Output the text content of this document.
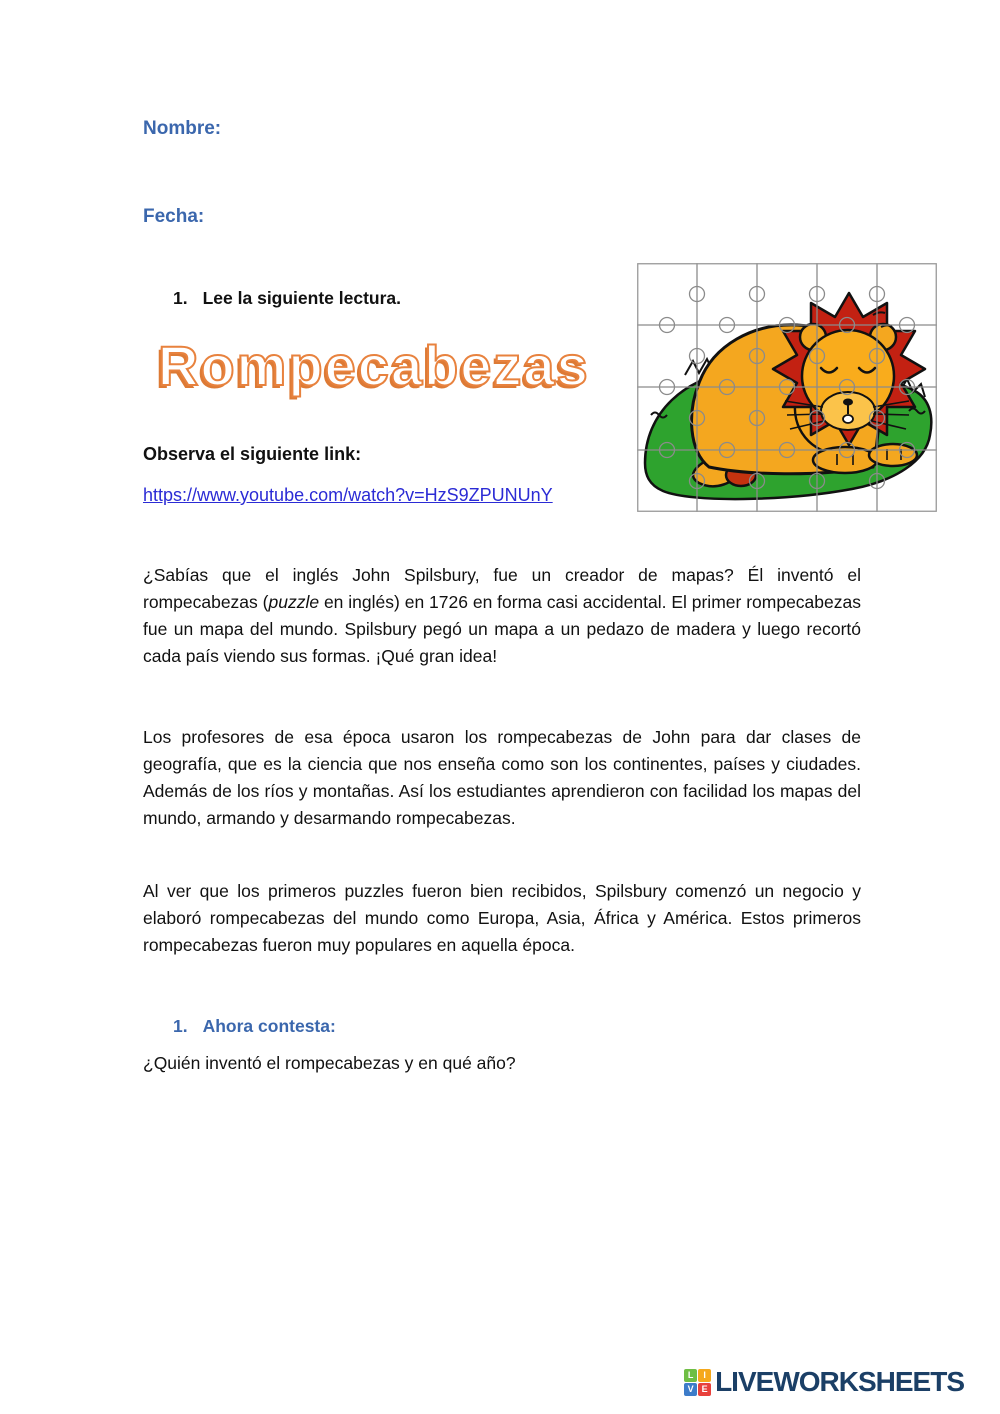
Nombre:
Fecha:
1. Lee la siguiente lectura.
Rompecabezas
Observa el siguiente link:
https://www.youtube.com/watch?v=HzS9ZPUNUnY

¿Sabías que el inglés John Spilsbury, fue un creador de mapas? Él inventó el rompecabezas (puzzle en inglés) en 1726 en forma casi accidental. El primer rompecabezas fue un mapa del mundo. Spilsbury pegó un mapa a un pedazo de madera y luego recortó cada país viendo sus formas. ¡Qué gran idea!

Los profesores de esa época usaron los rompecabezas de John para dar clases de geografía, que es la ciencia que nos enseña como son los continentes, países y ciudades. Además de los ríos y montañas. Así los estudiantes aprendieron con facilidad los mapas del mundo, armando y desarmando rompecabezas.

Al ver que los primeros puzzles fueron bien recibidos, Spilsbury comenzó un negocio y elaboró rompecabezas del mundo como Europa, Asia, África y América. Estos primeros rompecabezas fueron muy populares en aquella época.

1. Ahora contesta:
¿Quién inventó el rompecabezas y en qué año?
L	I
V E LIVEWORKSHEETS
